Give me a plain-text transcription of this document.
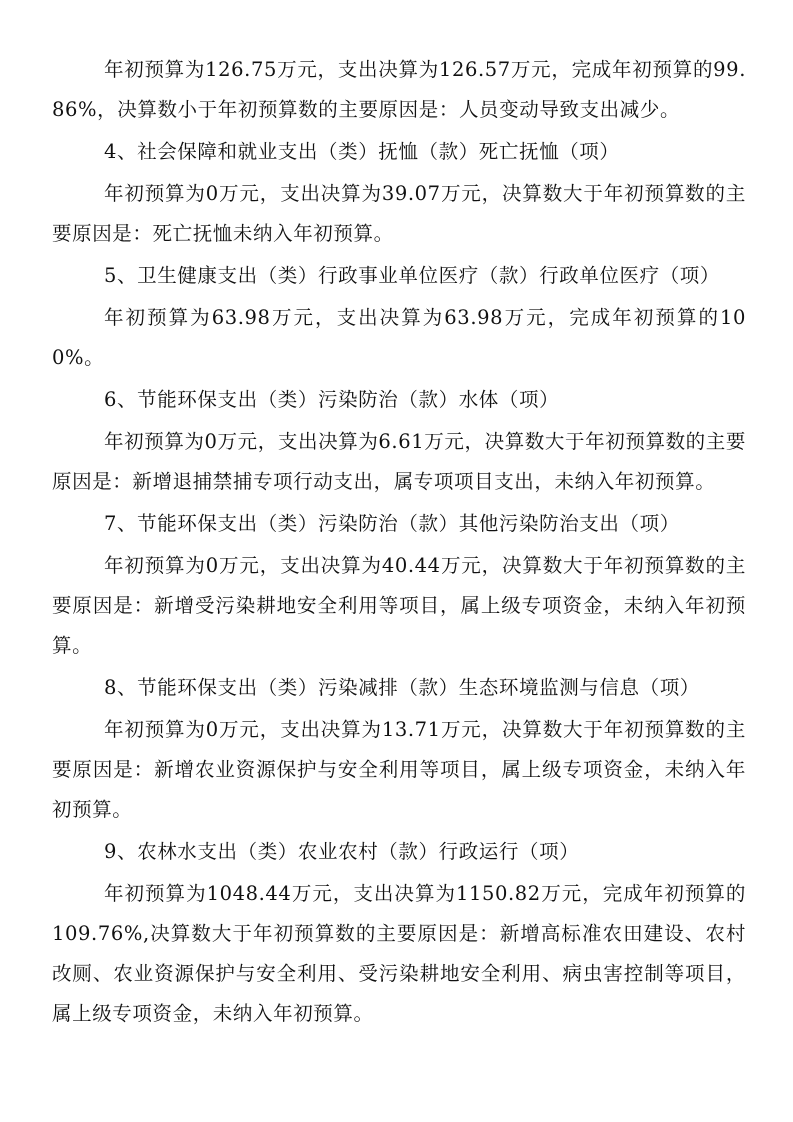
年初预算为126.75万元，支出决算为126.57万元，完成年初预算的99.86%，决算数小于年初预算数的主要原因是：人员变动导致支出减少。

4、社会保障和就业支出（类）抚恤（款）死亡抚恤（项）

年初预算为0万元，支出决算为39.07万元，决算数大于年初预算数的主要原因是：死亡抚恤未纳入年初预算。

5、卫生健康支出（类）行政事业单位医疗（款）行政单位医疗（项）

年初预算为63.98万元，支出决算为63.98万元，完成年初预算的100%。

6、节能环保支出（类）污染防治（款）水体（项）

年初预算为0万元，支出决算为6.61万元，决算数大于年初预算数的主要原因是：新增退捕禁捕专项行动支出，属专项项目支出，未纳入年初预算。

7、节能环保支出（类）污染防治（款）其他污染防治支出（项）

年初预算为0万元，支出决算为40.44万元，决算数大于年初预算数的主要原因是：新增受污染耕地安全利用等项目，属上级专项资金，未纳入年初预算。

8、节能环保支出（类）污染减排（款）生态环境监测与信息（项）

年初预算为0万元，支出决算为13.71万元，决算数大于年初预算数的主要原因是：新增农业资源保护与安全利用等项目，属上级专项资金，未纳入年初预算。

9、农林水支出（类）农业农村（款）行政运行（项）

年初预算为1048.44万元，支出决算为1150.82万元，完成年初预算的109.76%,决算数大于年初预算数的主要原因是：新增高标准农田建设、农村改厕、农业资源保护与安全利用、受污染耕地安全利用、病虫害控制等项目，属上级专项资金，未纳入年初预算。
